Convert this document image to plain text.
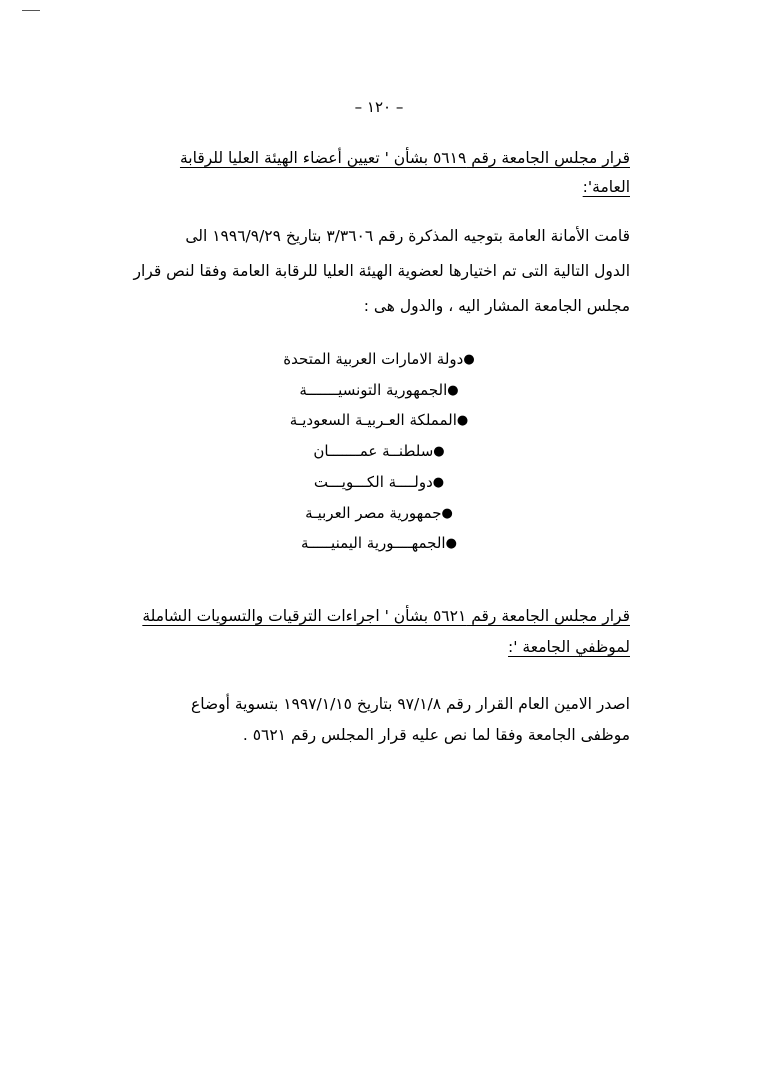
– ١٢٠ –
قرار مجلس الجامعة رقم ٥٦١٩ بشأن ' تعيين أعضاء الهيئة العليا للرقابة العامة':
قامت الأمانة العامة بتوجيه المذكرة رقم ٣/٣٦٠٦ بتاريخ ١٩٩٦/٩/٢٩ الى
الدول التالية التى تم اختيارها لعضوية الهيئة العليا للرقابة العامة وفقا لنص قرار
مجلس الجامعة المشار اليه ، والدول هى :
●دولة الامارات العربية المتحدة
●الجمهورية التونسيـــــــة
●المملكة العـربيـة السعوديـة
●سلطنــة عمـــــــان
●دولــــة الكـــويـــت
●جمهورية مصر العربيـة
●الجمهــــورية اليمنيـــــة
قرار مجلس الجامعة رقم ٥٦٢١ بشأن ' اجراءات الترقيات والتسويات الشاملة
لموظفي الجامعة ':
اصدر الامين العام القرار رقم ٩٧/١/٨ بتاريخ ١٩٩٧/١/١٥ بتسوية أوضاع
موظفى الجامعة وفقا لما نص عليه قرار المجلس رقم ٥٦٢١ .
